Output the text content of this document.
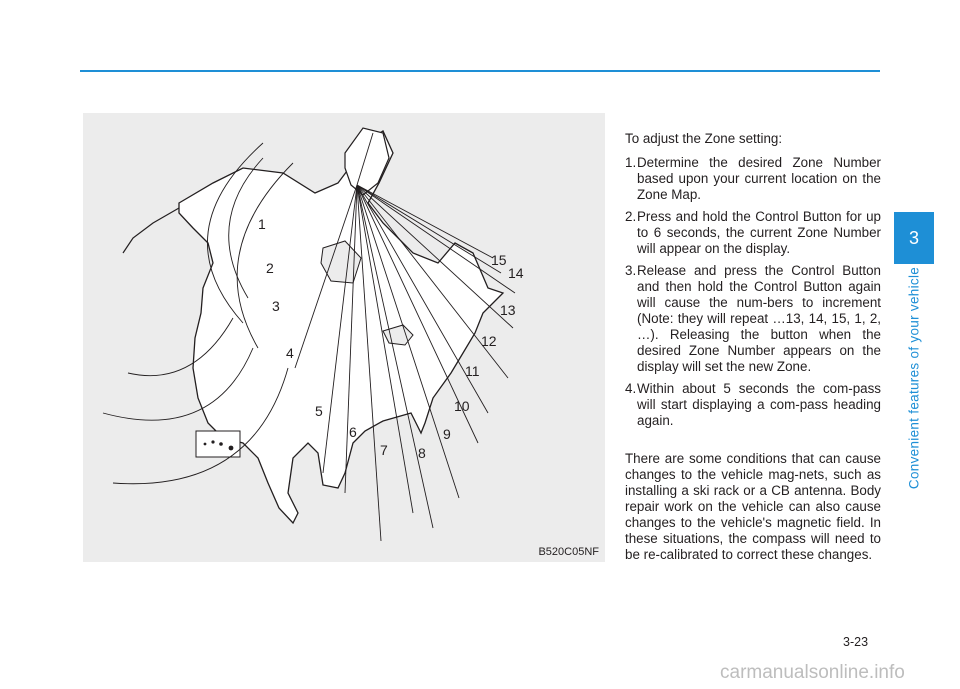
1
2
3
4
5
6
7 8
9
10
11
12
13
14
15
B520C05NF

To adjust the Zone setting:

1. Determine the desired Zone Number based upon your current location on the Zone Map.
2. Press and hold the Control Button for up to 6 seconds, the current Zone Number will appear on the display.
3. Release and press the Control Button and then hold the Control Button again will cause the num-bers to increment (Note: they will repeat …13, 14, 15, 1, 2, …). Releasing the button when the desired Zone Number appears on the display will set the new Zone.
4. Within about 5 seconds the com-pass will start displaying a com-pass heading again.

There are some conditions that can cause changes to the vehicle mag-nets, such as installing a ski rack or a CB antenna. Body repair work on the vehicle can also cause changes to the vehicle's magnetic field. In these situations, the compass will need to be re-calibrated to correct these changes.

3
Convenient features of your vehicle
3-23
carmanualsonline.info
